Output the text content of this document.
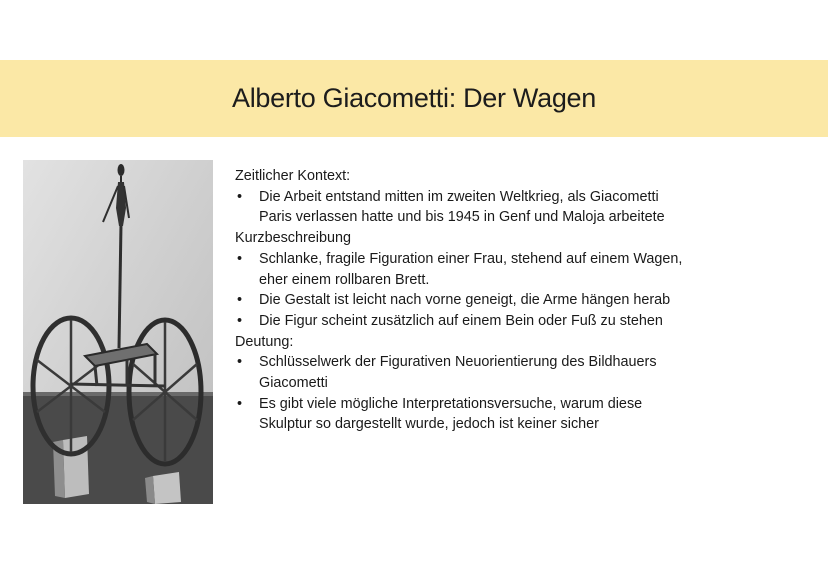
Alberto Giacometti: Der Wagen

Zeitlicher Kontext:

• Die Arbeit entstand mitten im zweiten Weltkrieg, als Giacometti Paris verlassen hatte und bis 1945 in Genf und Maloja arbeitete

Kurzbeschreibung

• Schlanke, fragile Figuration einer Frau, stehend auf einem Wagen, eher einem rollbaren Brett.
• Die Gestalt ist leicht nach vorne geneigt, die Arme hängen herab
• Die Figur scheint zusätzlich auf einem Bein oder Fuß zu stehen

Deutung:

• Schlüsselwerk der Figurativen Neuorientierung des Bildhauers Giacometti
• Es gibt viele mögliche Interpretationsversuche, warum diese Skulptur so dargestellt wurde, jedoch ist keiner sicher
